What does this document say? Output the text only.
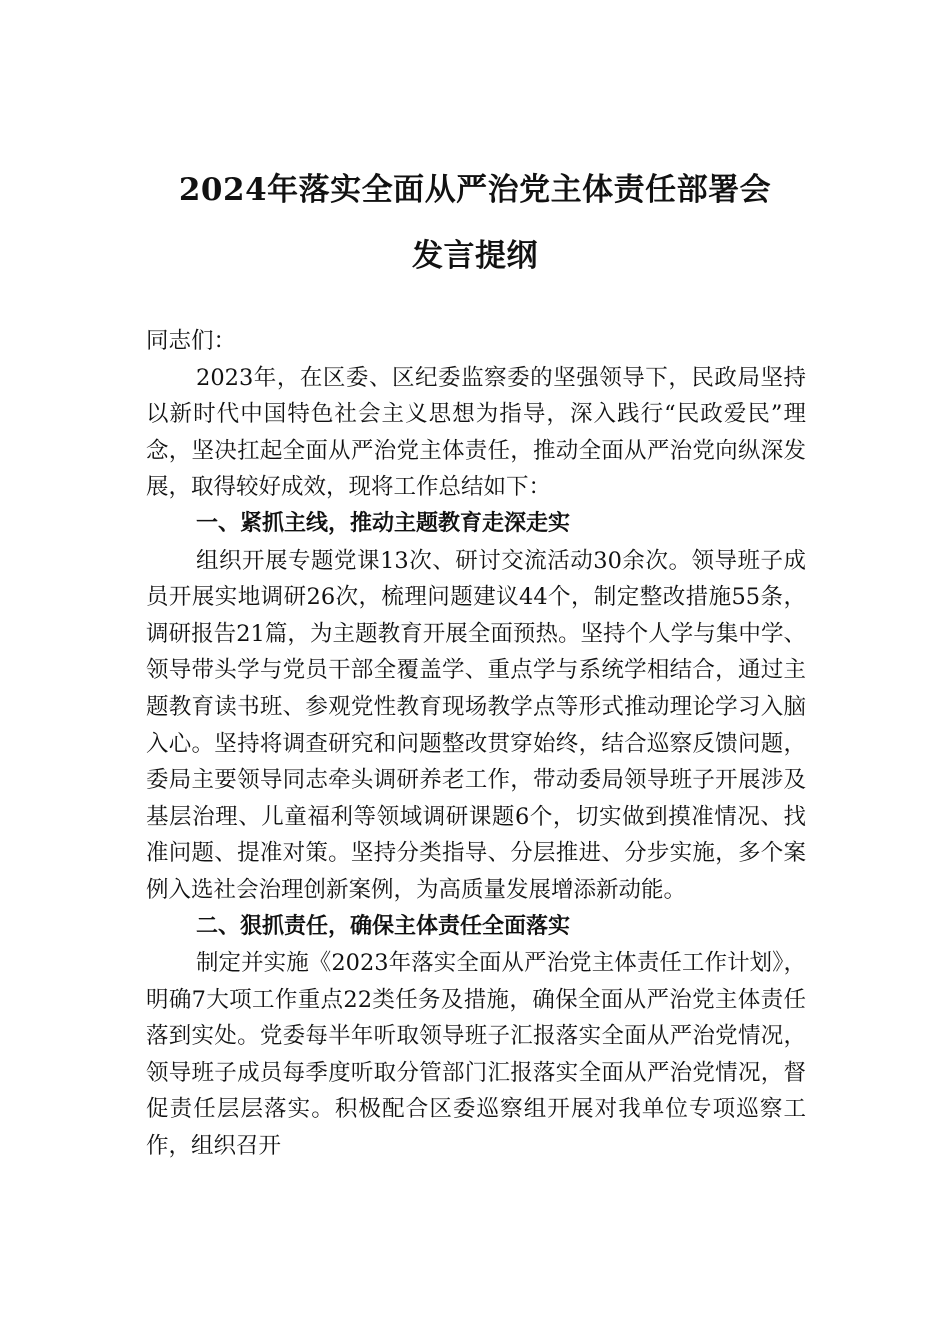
2024年落实全面从严治党主体责任部署会
发言提纲

同志们：

2023年，在区委、区纪委监察委的坚强领导下，民政局坚持以新时代中国特色社会主义思想为指导，深入践行“民政爱民”理念，坚决扛起全面从严治党主体责任，推动全面从严治党向纵深发展，取得较好成效，现将工作总结如下：

一、紧抓主线，推动主题教育走深走实

组织开展专题党课13次、研讨交流活动30余次。领导班子成员开展实地调研26次，梳理问题建议44个，制定整改措施55条，调研报告21篇，为主题教育开展全面预热。坚持个人学与集中学、领导带头学与党员干部全覆盖学、重点学与系统学相结合，通过主题教育读书班、参观党性教育现场教学点等形式推动理论学习入脑入心。坚持将调查研究和问题整改贯穿始终，结合巡察反馈问题，委局主要领导同志牵头调研养老工作，带动委局领导班子开展涉及基层治理、儿童福利等领域调研课题6个，切实做到摸准情况、找准问题、提准对策。坚持分类指导、分层推进、分步实施，多个案例入选社会治理创新案例，为高质量发展增添新动能。

二、狠抓责任，确保主体责任全面落实

制定并实施《2023年落实全面从严治党主体责任工作计划》，明确7大项工作重点22类任务及措施，确保全面从严治党主体责任落到实处。党委每半年听取领导班子汇报落实全面从严治党情况，领导班子成员每季度听取分管部门汇报落实全面从严治党情况，督促责任层层落实。积极配合区委巡察组开展对我单位专项巡察工作，组织召开
